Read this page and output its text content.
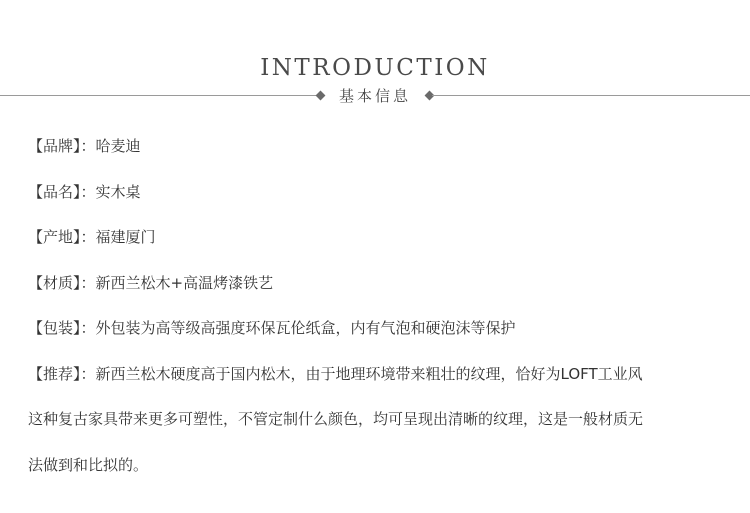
INTRODUCTION
基本信息
【品牌】：哈麦迪
【品名】：实木桌
【产地】：福建厦门
【材质】：新西兰松木+高温烤漆铁艺
【包装】：外包装为高等级高强度环保瓦伦纸盒，内有气泡和硬泡沫等保护
【推荐】：新西兰松木硬度高于国内松木，由于地理环境带来粗壮的纹理，恰好为LOFT工业风
这种复古家具带来更多可塑性，不管定制什么颜色，均可呈现出清晰的纹理，这是一般材质无
法做到和比拟的。
